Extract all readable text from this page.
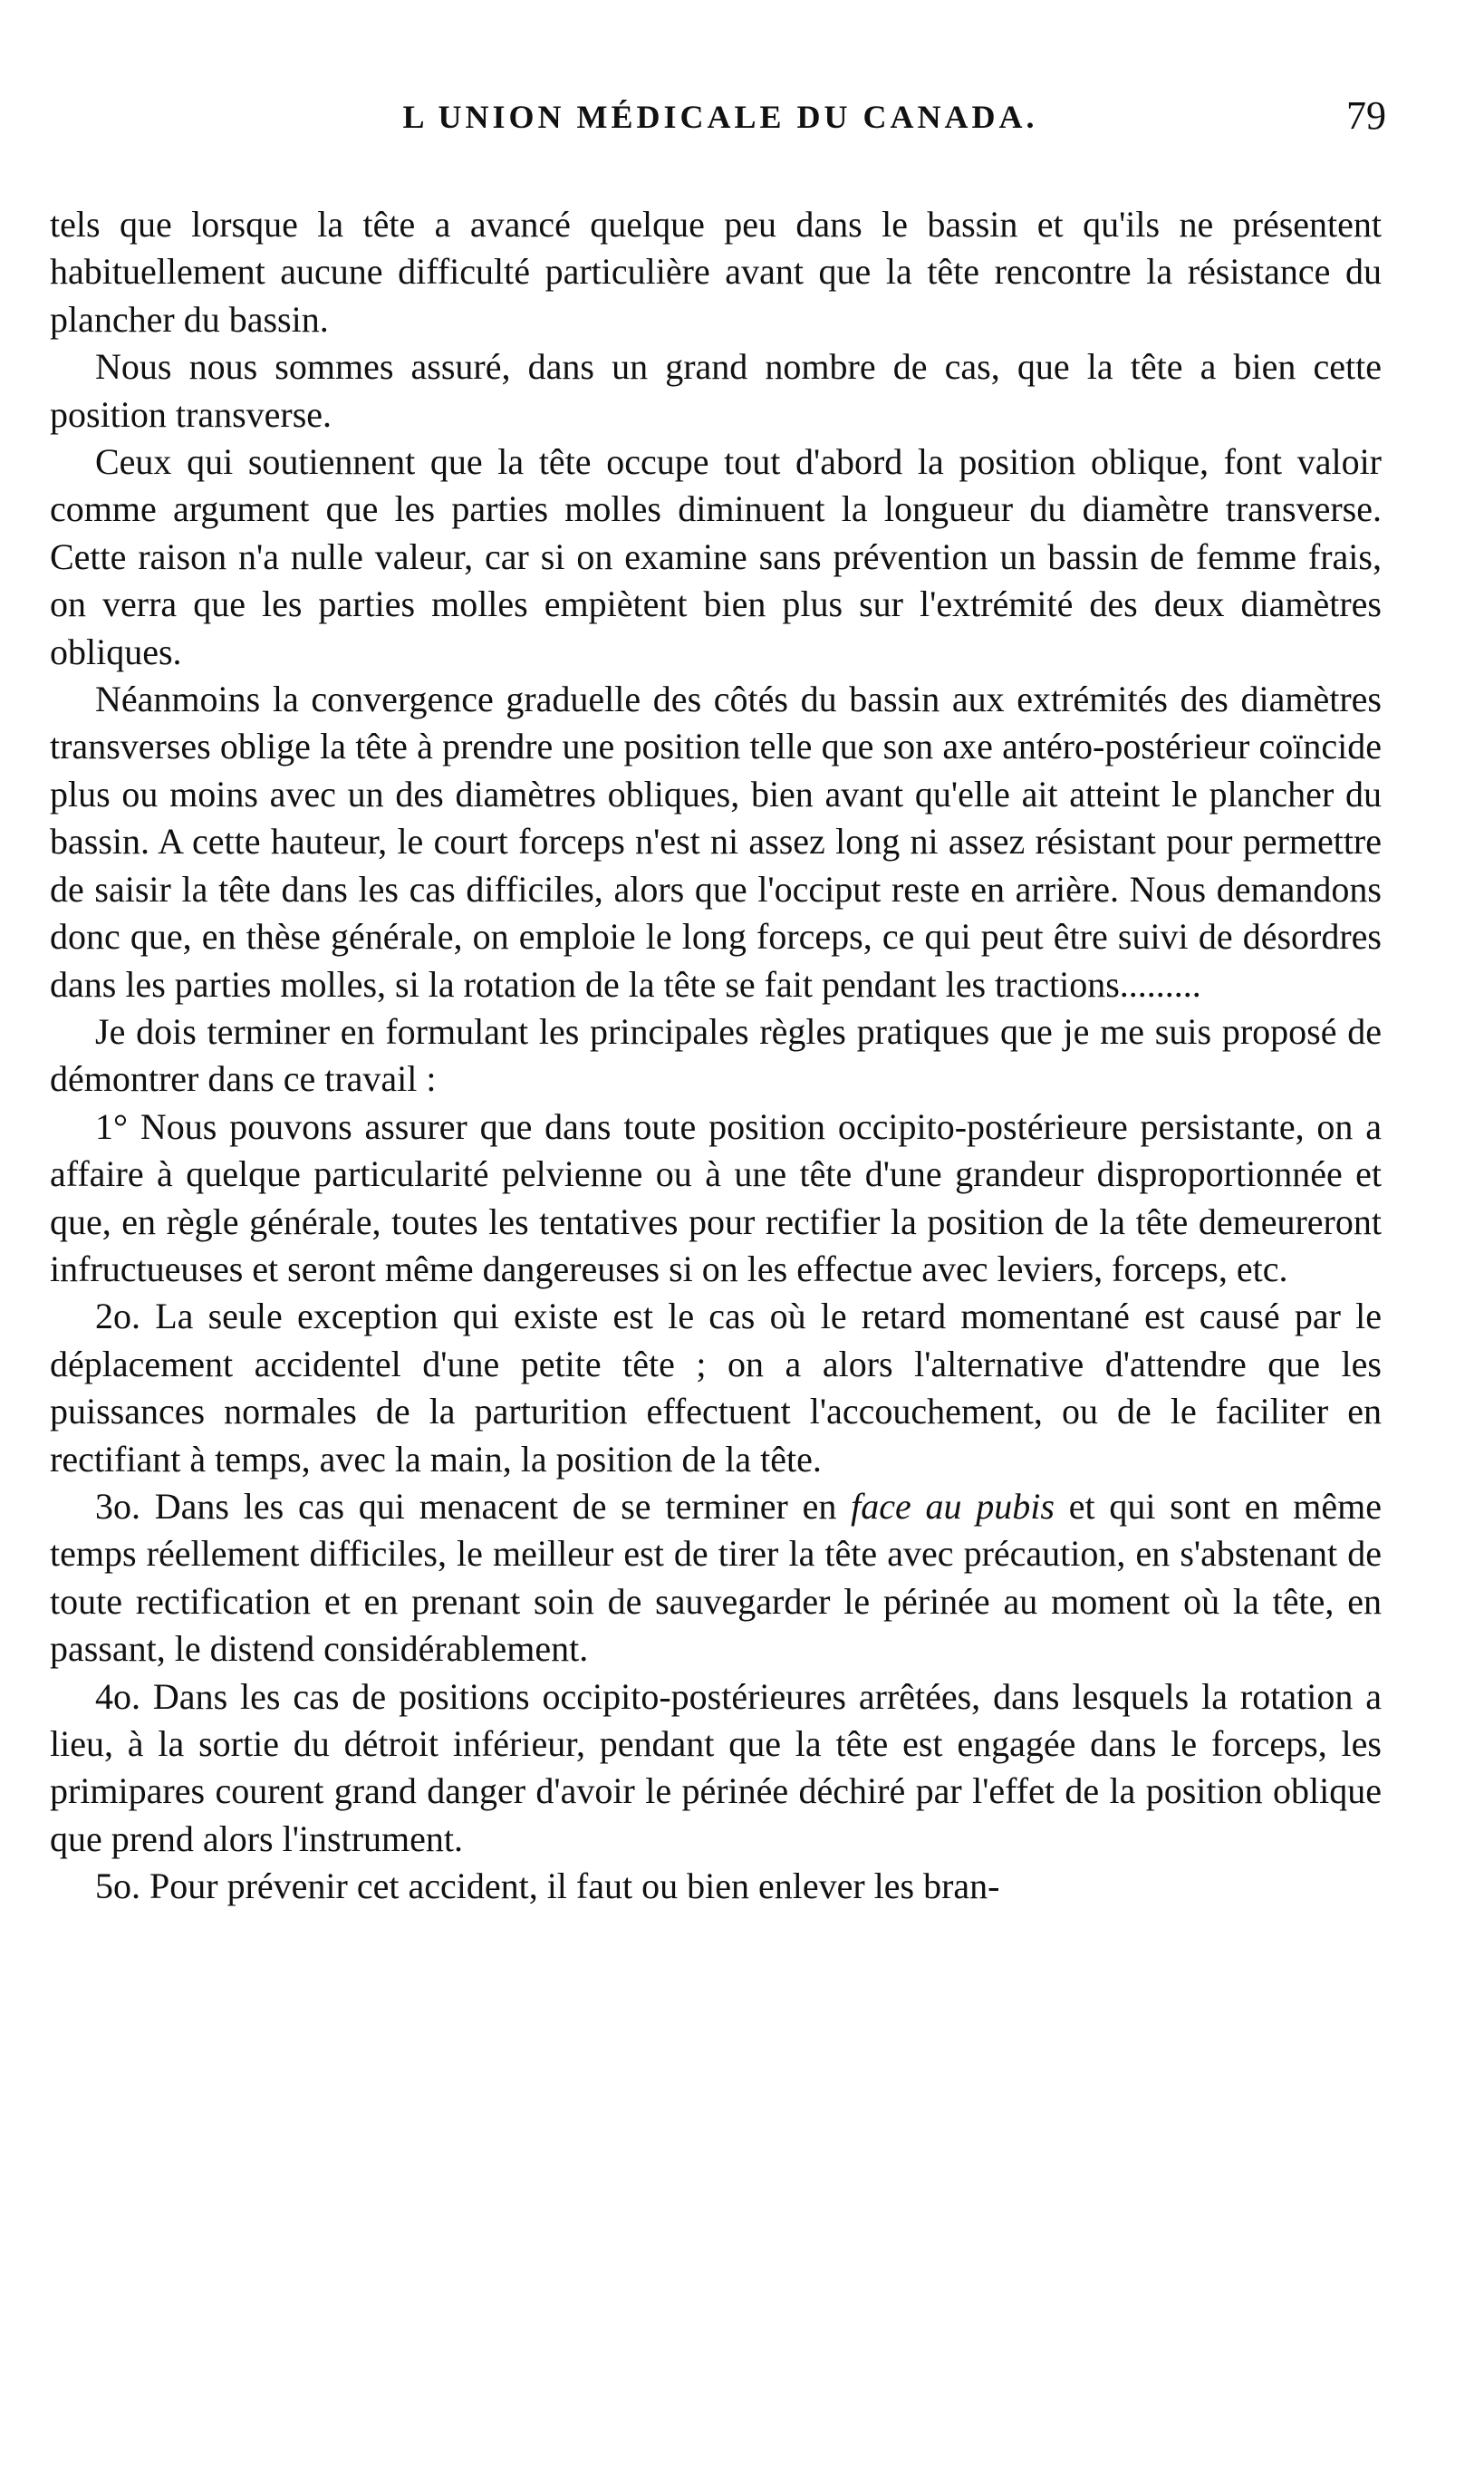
L UNION MÉDICALE DU CANADA.	79

tels que lorsque la tête a avancé quelque peu dans le bassin et qu'ils ne présentent habituellement aucune difficulté particulière avant que la tête rencontre la résistance du plancher du bassin.

Nous nous sommes assuré, dans un grand nombre de cas, que la tête a bien cette position transverse.

Ceux qui soutiennent que la tête occupe tout d'abord la position oblique, font valoir comme argument que les parties molles diminuent la longueur du diamètre transverse. Cette raison n'a nulle valeur, car si on examine sans prévention un bassin de femme frais, on verra que les parties molles empiètent bien plus sur l'extrémité des deux diamètres obliques.

Néanmoins la convergence graduelle des côtés du bassin aux extrémités des diamètres transverses oblige la tête à prendre une position telle que son axe antéro-postérieur coïncide plus ou moins avec un des diamètres obliques, bien avant qu'elle ait atteint le plancher du bassin. A cette hauteur, le court forceps n'est ni assez long ni assez résistant pour permettre de saisir la tête dans les cas difficiles, alors que l'occiput reste en arrière. Nous demandons donc que, en thèse générale, on emploie le long forceps, ce qui peut être suivi de désordres dans les parties molles, si la rotation de la tête se fait pendant les tractions.........

Je dois terminer en formulant les principales règles pratiques que je me suis proposé de démontrer dans ce travail :

1° Nous pouvons assurer que dans toute position occipito-postérieure persistante, on a affaire à quelque particularité pelvienne ou à une tête d'une grandeur disproportionnée et que, en règle générale, toutes les tentatives pour rectifier la position de la tête demeureront infructueuses et seront même dangereuses si on les effectue avec leviers, forceps, etc.

2o. La seule exception qui existe est le cas où le retard momentané est causé par le déplacement accidentel d'une petite tête ; on a alors l'alternative d'attendre que les puissances normales de la parturition effectuent l'accouchement, ou de le faciliter en rectifiant à temps, avec la main, la position de la tête.

3o. Dans les cas qui menacent de se terminer en face au pubis et qui sont en même temps réellement difficiles, le meilleur est de tirer la tête avec précaution, en s'abstenant de toute rectification et en prenant soin de sauvegarder le périnée au moment où la tête, en passant, le distend considérablement.

4o. Dans les cas de positions occipito-postérieures arrêtées, dans lesquels la rotation a lieu, à la sortie du détroit inférieur, pendant que la tête est engagée dans le forceps, les primipares courent grand danger d'avoir le périnée déchiré par l'effet de la position oblique que prend alors l'instrument.

5o. Pour prévenir cet accident, il faut ou bien enlever les bran-
